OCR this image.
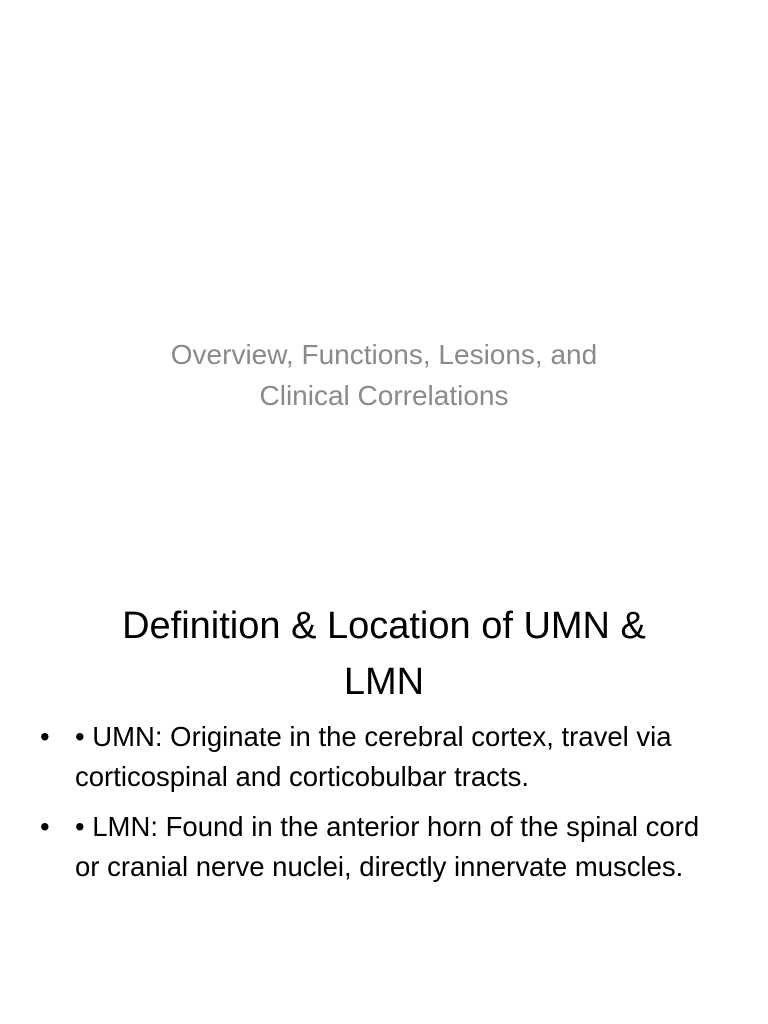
Overview, Functions, Lesions, and
Clinical Correlations

Definition & Location of UMN &
LMN
• • UMN: Originate in the cerebral cortex, travel via corticospinal and corticobulbar tracts.
• • LMN: Found in the anterior horn of the spinal cord or cranial nerve nuclei, directly innervate muscles.
